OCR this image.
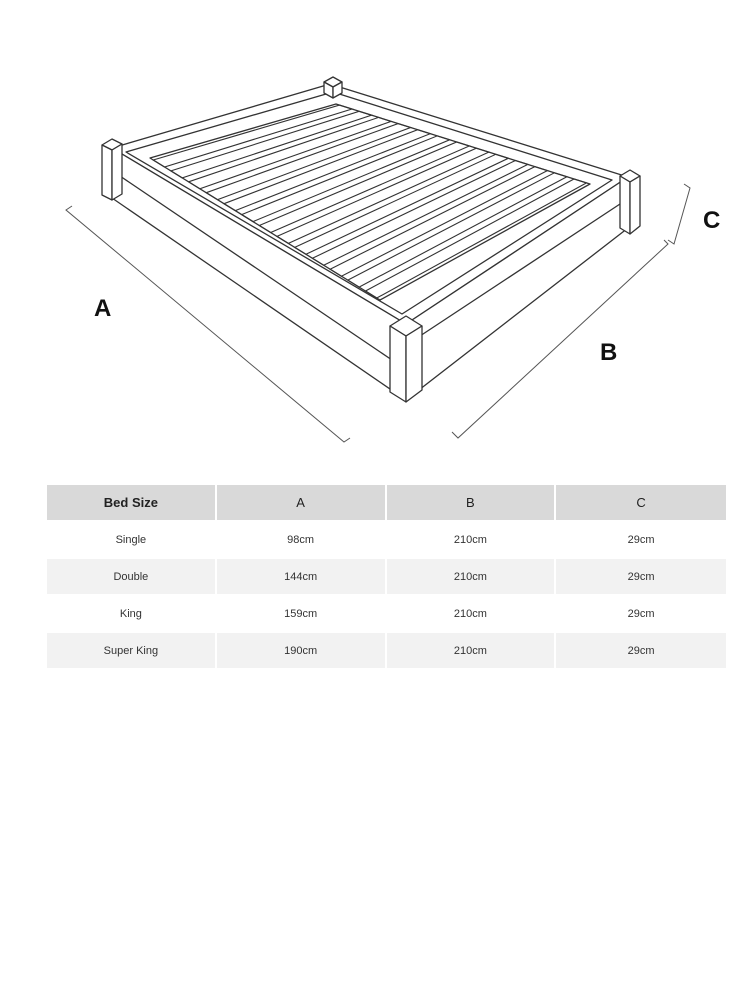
A
B
C
Bed Size	A	B	C
Single	98cm	210cm	29cm
Double	144cm	210cm	29cm
King	159cm	210cm	29cm
Super King	190cm	210cm	29cm
